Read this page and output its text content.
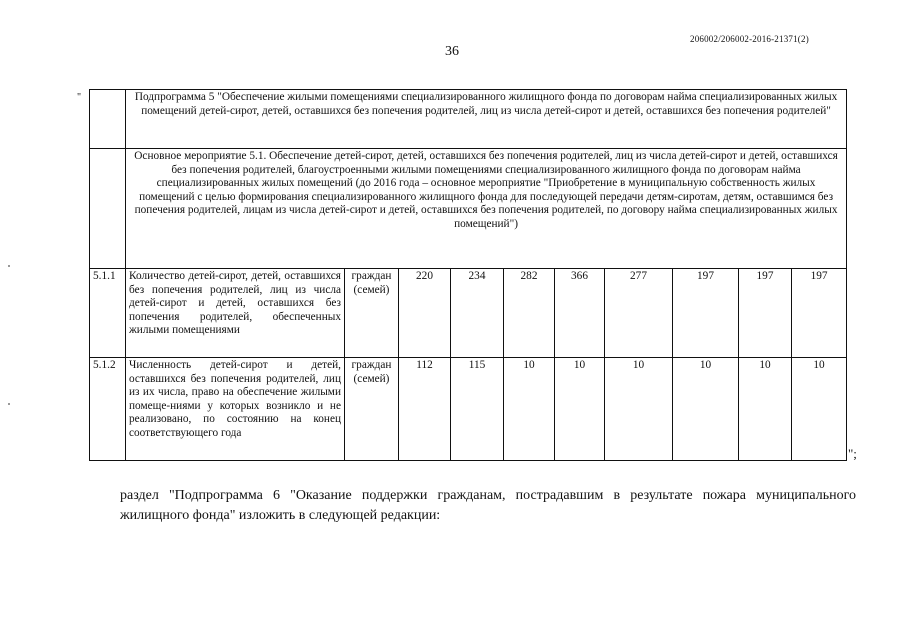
206002/206002-2016-21371(2)
36
"
		Подпрограмма 5 "Обеспечение жилыми помещениями специализированного жилищного фонда по договорам найма специализированных жилых помещений детей-сирот, детей, оставшихся без попечения родителей, лиц из числа детей-сирот и детей, оставшихся без попечения родителей"									
	Основное мероприятие 5.1. Обеспечение детей-сирот, детей, оставшихся без попечения родителей, лиц из числа детей-сирот и детей, оставшихся без попечения родителей, благоустроенными жилыми помещениями специализированного жилищного фонда по договорам найма специализированных жилых помещений (до 2016 года – основное мероприятие "Приобретение в муниципальную собственность жилых помещений с целью формирования специализированного жилищного фонда для последующей передачи детям-сиротам, детям, оставшимся без попечения родителей, лицам из числа детей-сирот и детей, оставшихся без попечения родителей, по договору найма специализированных жилых помещений")									
5.1.1	Количество детей-сирот, детей, оставшихся без попечения родителей, лиц из числа детей-сирот и детей, оставшихся без попечения родителей, обеспеченных жилыми помещениями	граждан (семей)	220	234	282	366	277	197	197	197
5.1.2	Численность детей-сирот и детей, оставшихся без попечения родителей, лиц из их числа, право на обеспечение жилыми помеще-ниями у которых возникло и не реализовано, по состоянию на конец соответствующего года	граждан (семей)	112	115	10	10	10	10	10	10
";
раздел "Подпрограмма 6 "Оказание поддержки гражданам, пострадавшим в результате пожара муниципального жилищного фонда" изложить в следующей редакции:
